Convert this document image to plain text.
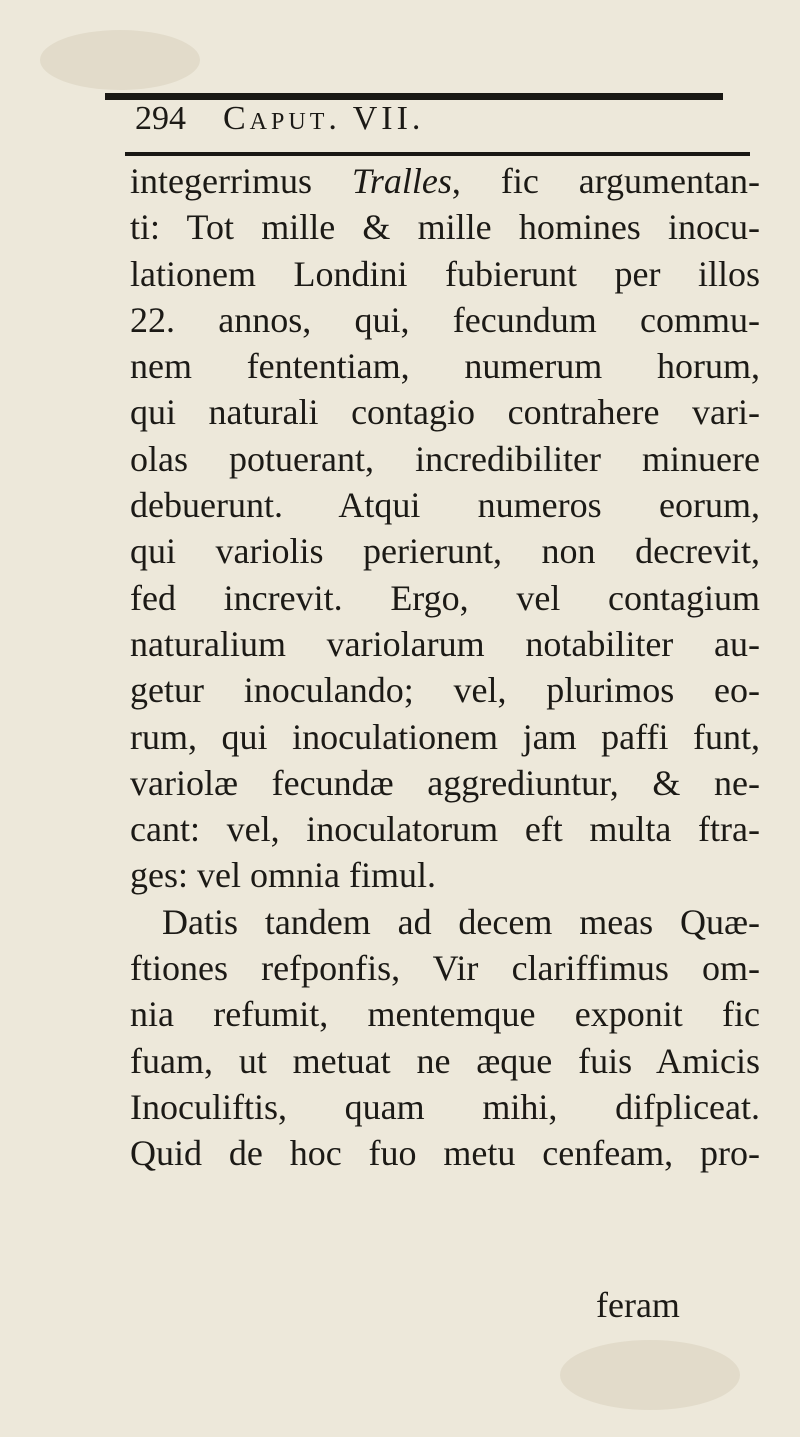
294	Caput. VII.
integerrimus Tralles, fic argumentan-
ti: Tot mille & mille homines inocu-
lationem Londini fubierunt per illos
22. annos, qui, fecundum commu-
nem fententiam, numerum horum,
qui naturali contagio contrahere vari-
olas potuerant, incredibiliter minuere
debuerunt. Atqui numeros eorum,
qui variolis perierunt, non decrevit,
fed increvit. Ergo, vel contagium
naturalium variolarum notabiliter au-
getur inoculando; vel, plurimos eo-
rum, qui inoculationem jam paffi funt,
variolæ fecundæ aggrediuntur, & ne-
cant: vel, inoculatorum eft multa ftra-
ges: vel omnia fimul.
Datis tandem ad decem meas Quæ-
ftiones refponfis, Vir clariffimus om-
nia refumit, mentemque exponit fic
fuam, ut metuat ne æque fuis Amicis
Inoculiftis, quam mihi, difpliceat.
Quid de hoc fuo metu cenfeam, pro-
feram
